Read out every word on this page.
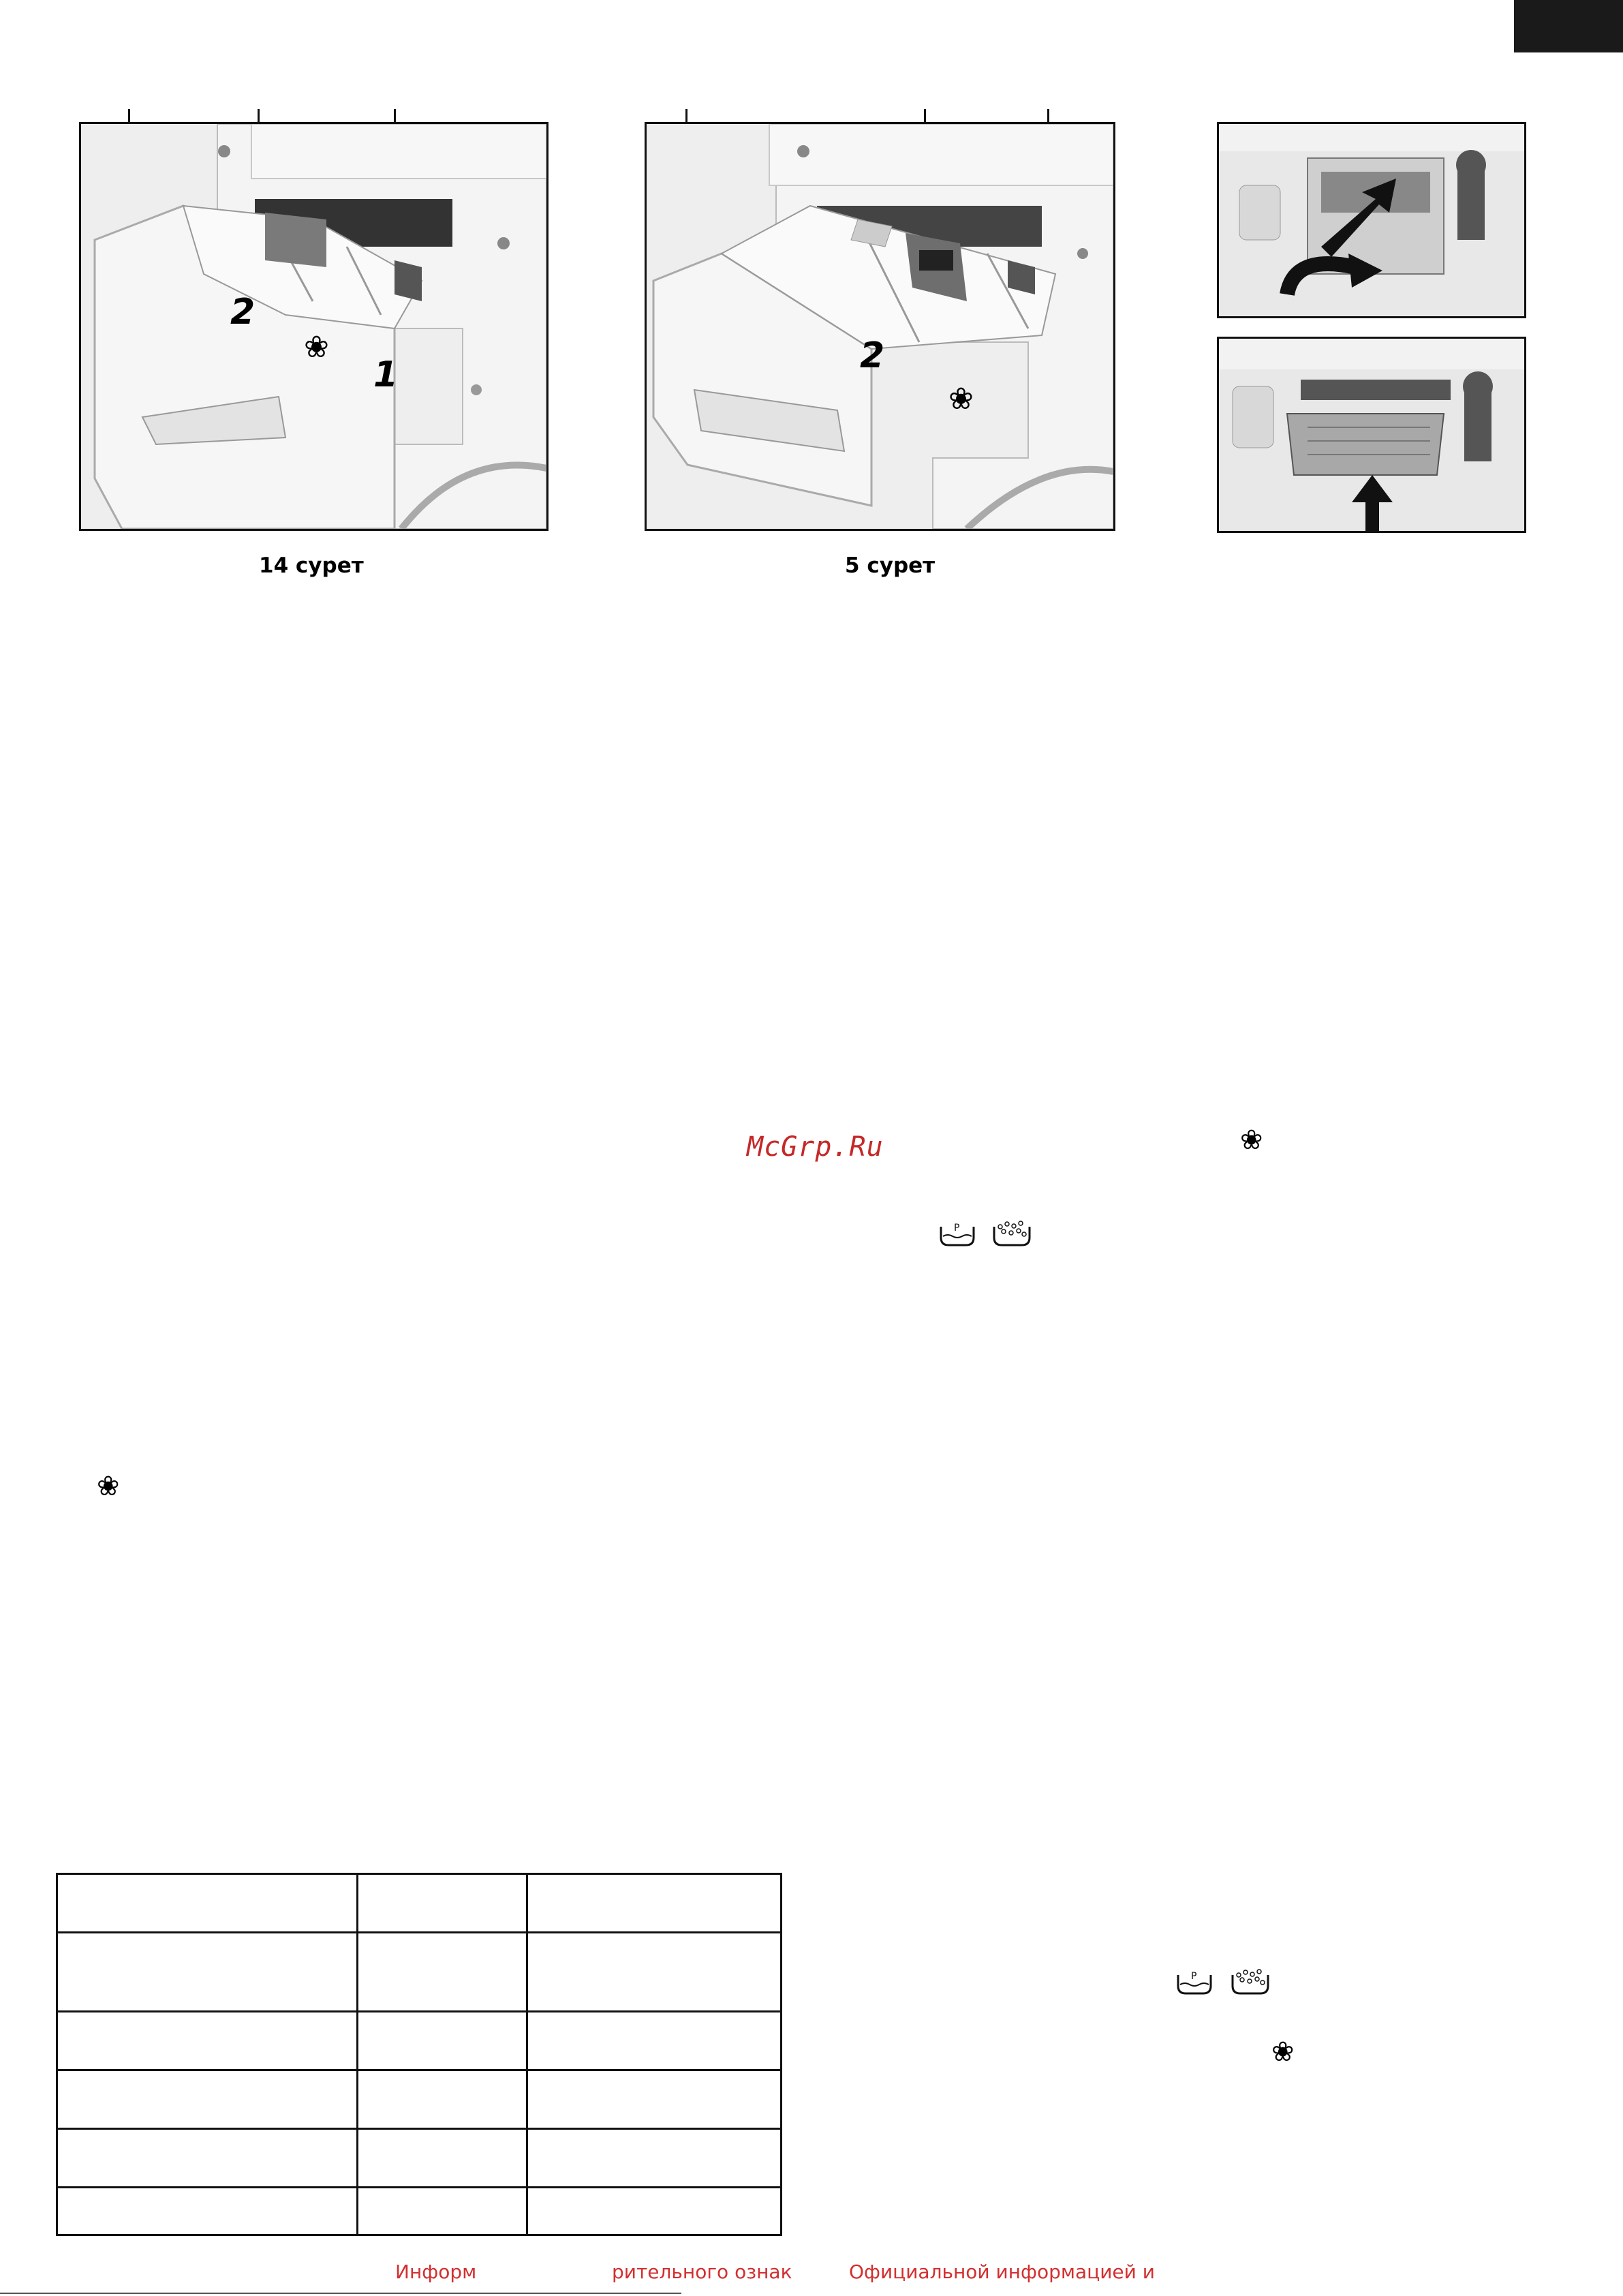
2
❀
1
14 сурет
2
❀
5 сурет
McGrp.Ru	❀
P
❀
P
❀

Информ	рительного ознак	Официальной информацией и
